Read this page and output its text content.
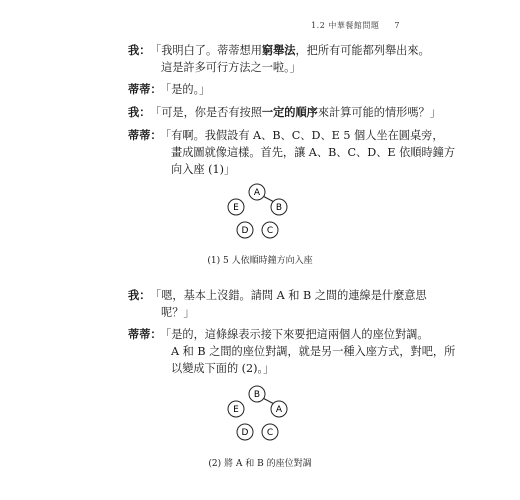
1.2 中華餐館問題 7
我： 「我明白了。蒂蒂想用窮舉法，把所有可能都列舉出來。
這是許多可行方法之一啦。」
蒂蒂：
「是的。」
我： 「可是，你是否有按照一定的順序來計算可能的情形嗎？」
蒂蒂：
「有啊。我假設有 A、B、C、D、E 5 個人坐在圓桌旁，
畫成圖就像這樣。首先，讓 A、B、C、D、E 依順時鐘方
向入座 (1)」
A
E	B
D C
(1) 5 人依順時鐘方向入座
我： 「嗯，基本上沒錯。請問 A 和 B 之間的連線是什麼意思
呢？」
蒂蒂：
「是的，這條線表示接下來要把這兩個人的座位對調。
A 和 B 之間的座位對調，就是另一種入座方式，對吧，所
以變成下面的 (2)。」
B
E	A
D C
(2) 將 A 和 B 的座位對調
